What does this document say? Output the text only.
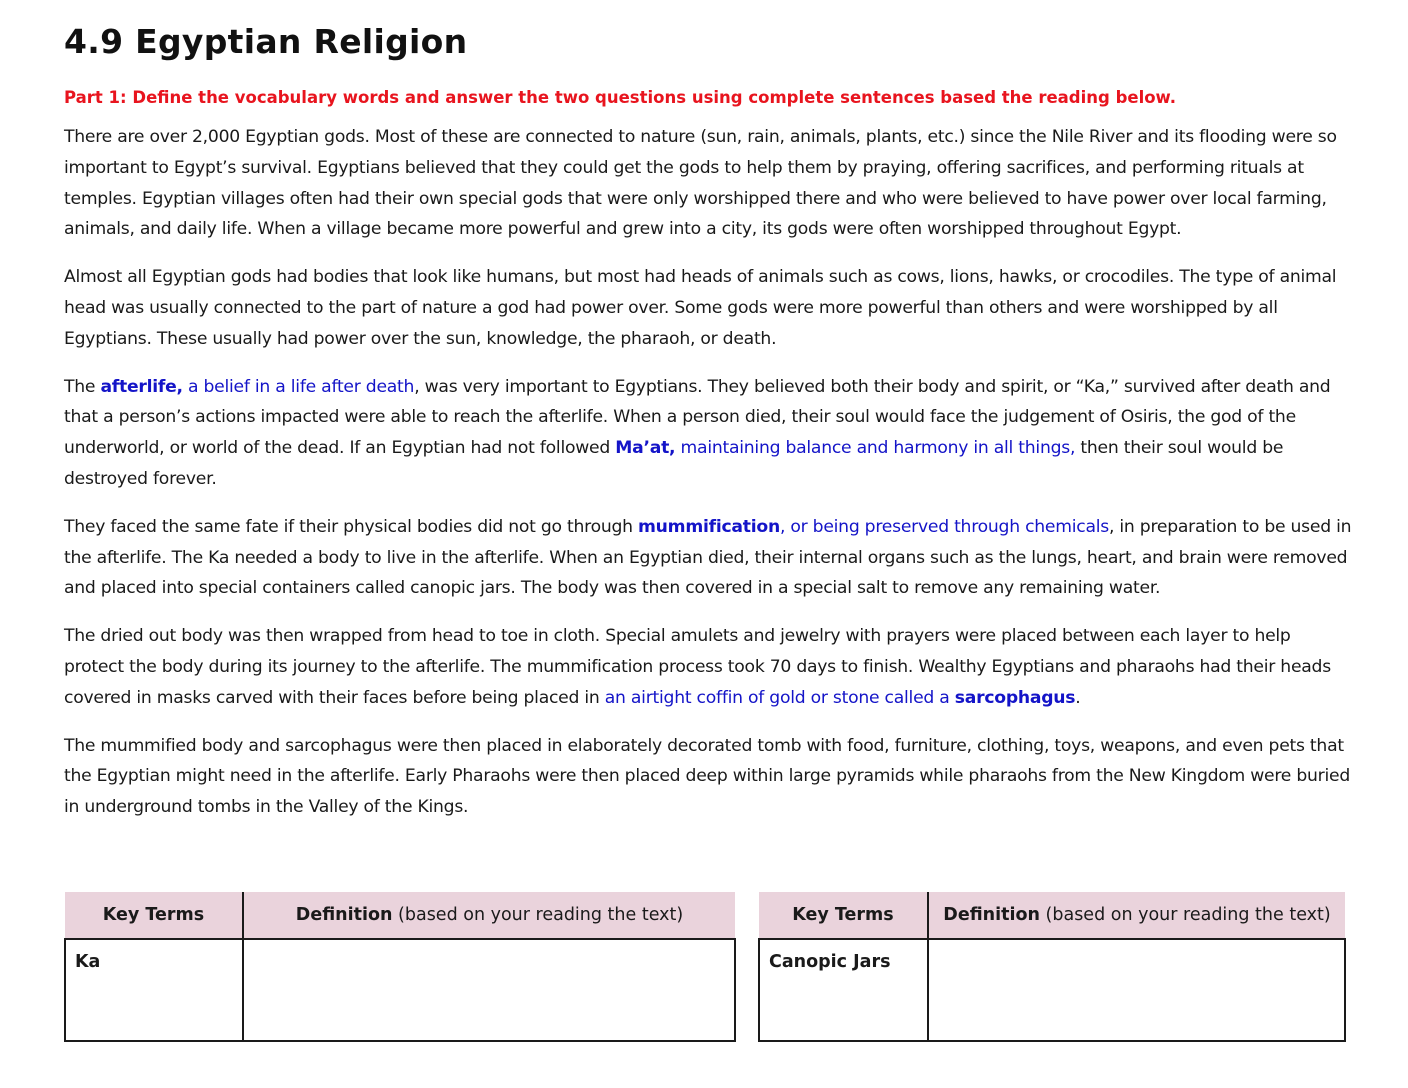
4.9 Egyptian Religion
Part 1: Define the vocabulary words and answer the two questions using complete sentences based the reading below.

There are over 2,000 Egyptian gods. Most of these are connected to nature (sun, rain, animals, plants, etc.) since the Nile River and its flooding were so important to Egypt’s survival. Egyptians believed that they could get the gods to help them by praying, offering sacrifices, and performing rituals at temples. Egyptian villages often had their own special gods that were only worshipped there and who were believed to have power over local farming, animals, and daily life. When a village became more powerful and grew into a city, its gods were often worshipped throughout Egypt.

Almost all Egyptian gods had bodies that look like humans, but most had heads of animals such as cows, lions, hawks, or crocodiles. The type of animal head was usually connected to the part of nature a god had power over. Some gods were more powerful than others and were worshipped by all Egyptians. These usually had power over the sun, knowledge, the pharaoh, or death.

The afterlife, a belief in a life after death, was very important to Egyptians. They believed both their body and spirit, or “Ka,” survived after death and that a person’s actions impacted were able to reach the afterlife. When a person died, their soul would face the judgement of Osiris, the god of the underworld, or world of the dead. If an Egyptian had not followed Ma’at, maintaining balance and harmony in all things, then their soul would be destroyed forever.

They faced the same fate if their physical bodies did not go through mummification, or being preserved through chemicals, in preparation to be used in the afterlife. The Ka needed a body to live in the afterlife. When an Egyptian died, their internal organs such as the lungs, heart, and brain were removed and placed into special containers called canopic jars. The body was then covered in a special salt to remove any remaining water.

The dried out body was then wrapped from head to toe in cloth. Special amulets and jewelry with prayers were placed between each layer to help protect the body during its journey to the afterlife. The mummification process took 70 days to finish. Wealthy Egyptians and pharaohs had their heads covered in masks carved with their faces before being placed in an airtight coffin of gold or stone called a sarcophagus.

The mummified body and sarcophagus were then placed in elaborately decorated tomb with food, furniture, clothing, toys, weapons, and even pets that the Egyptian might need in the afterlife. Early Pharaohs were then placed deep within large pyramids while pharaohs from the New Kingdom were buried in underground tombs in the Valley of the Kings.

Key Terms	Definition (based on your reading the text)
Ka	
Key Terms	Definition (based on your reading the text)
Canopic Jars	
